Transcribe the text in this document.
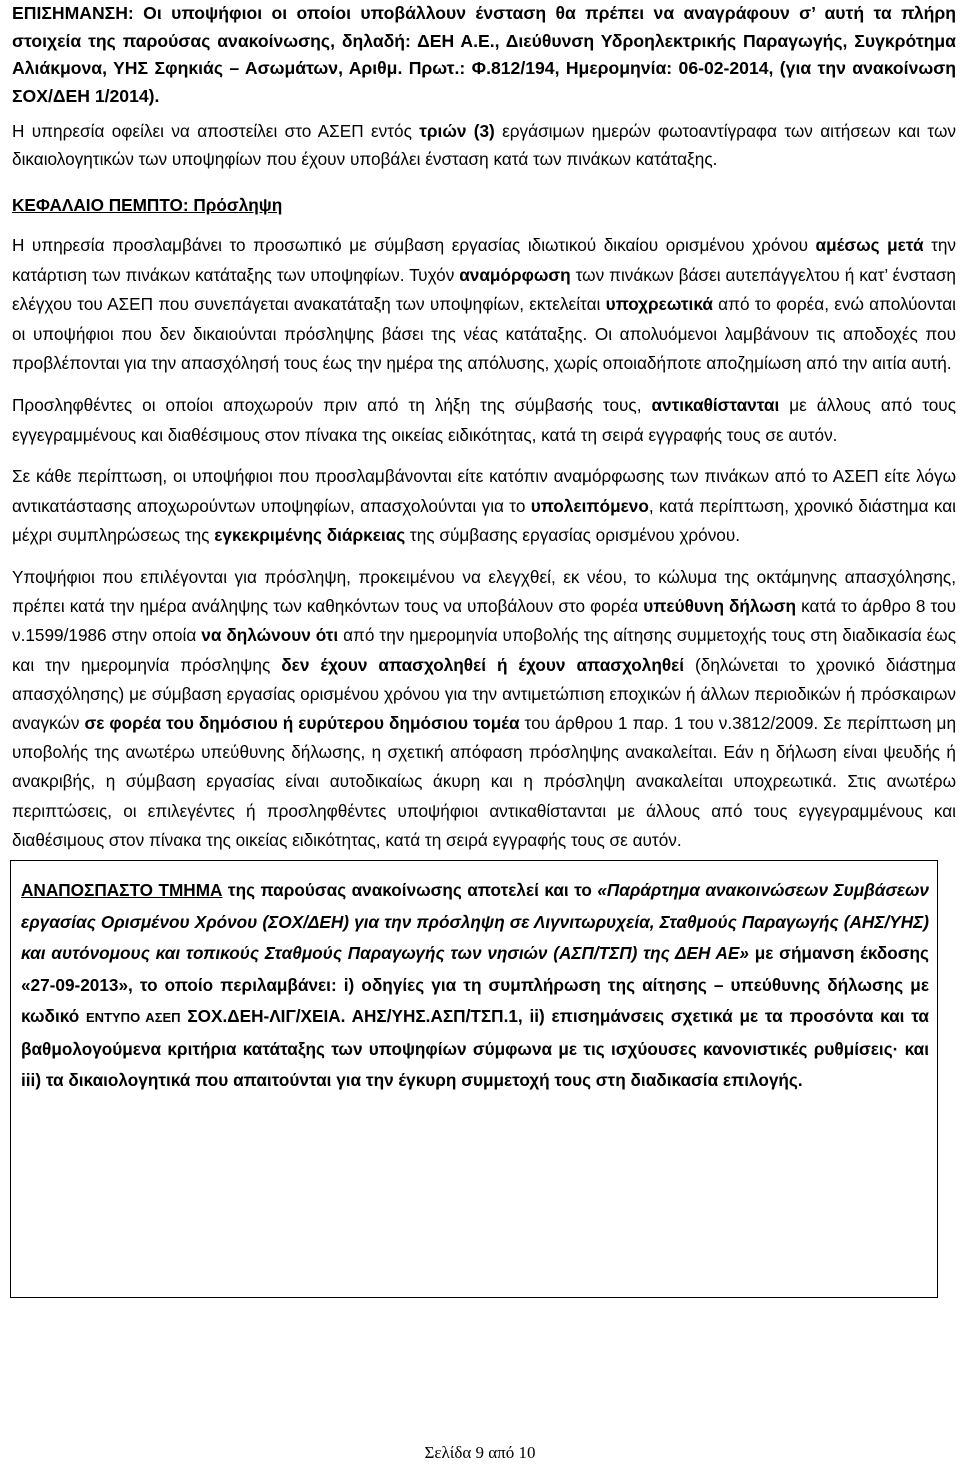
ΕΠΙΣΗΜΑΝΣΗ: Οι υποψήφιοι οι οποίοι υποβάλλουν ένσταση θα πρέπει να αναγράφουν σ’ αυτή τα πλήρη στοιχεία της παρούσας ανακοίνωσης, δηλαδή: ΔΕΗ Α.Ε., Διεύθυνση Υδροηλεκτρικής Παραγωγής, Συγκρότημα Αλιάκμονα, ΥΗΣ Σφηκιάς – Ασωμάτων, Αριθμ. Πρωτ.: Φ.812/194, Ημερομηνία: 06-02-2014, (για την ανακοίνωση ΣΟΧ/ΔΕΗ 1/2014).

Η υπηρεσία οφείλει να αποστείλει στο ΑΣΕΠ εντός τριών (3) εργάσιμων ημερών φωτοαντίγραφα των αιτήσεων και των δικαιολογητικών των υποψηφίων που έχουν υποβάλει ένσταση κατά των πινάκων κατάταξης.

ΚΕΦΑΛΑΙΟ ΠΕΜΠΤΟ: Πρόσληψη

Η υπηρεσία προσλαμβάνει το προσωπικό με σύμβαση εργασίας ιδιωτικού δικαίου ορισμένου χρόνου αμέσως μετά την κατάρτιση των πινάκων κατάταξης των υποψηφίων. Τυχόν αναμόρφωση των πινάκων βάσει αυτεπάγγελτου ή κατ’ ένσταση ελέγχου του ΑΣΕΠ που συνεπάγεται ανακατάταξη των υποψηφίων, εκτελείται υποχρεωτικά από το φορέα, ενώ απολύονται οι υποψήφιοι που δεν δικαιούνται πρόσληψης βάσει της νέας κατάταξης. Οι απολυόμενοι λαμβάνουν τις αποδοχές που προβλέπονται για την απασχόλησή τους έως την ημέρα της απόλυσης, χωρίς οποιαδήποτε αποζημίωση από την αιτία αυτή.

Προσληφθέντες οι οποίοι αποχωρούν πριν από τη λήξη της σύμβασής τους, αντικαθίστανται με άλλους από τους εγγεγραμμένους και διαθέσιμους στον πίνακα της οικείας ειδικότητας, κατά τη σειρά εγγραφής τους σε αυτόν.

Σε κάθε περίπτωση, οι υποψήφιοι που προσλαμβάνονται είτε κατόπιν αναμόρφωσης των πινάκων από το ΑΣΕΠ είτε λόγω αντικατάστασης αποχωρούντων υποψηφίων, απασχολούνται για το υπολειπόμενο, κατά περίπτωση, χρονικό διάστημα και μέχρι συμπληρώσεως της εγκεκριμένης διάρκειας της σύμβασης εργασίας ορισμένου χρόνου.

Υποψήφιοι που επιλέγονται για πρόσληψη, προκειμένου να ελεγχθεί, εκ νέου, το κώλυμα της οκτάμηνης απασχόλησης, πρέπει κατά την ημέρα ανάληψης των καθηκόντων τους να υποβάλουν στο φορέα υπεύθυνη δήλωση κατά το άρθρο 8 του ν.1599/1986 στην οποία να δηλώνουν ότι από την ημερομηνία υποβολής της αίτησης συμμετοχής τους στη διαδικασία έως και την ημερομηνία πρόσληψης δεν έχουν απασχοληθεί ή έχουν απασχοληθεί (δηλώνεται το χρονικό διάστημα απασχόλησης) με σύμβαση εργασίας ορισμένου χρόνου για την αντιμετώπιση εποχικών ή άλλων περιοδικών ή πρόσκαιρων αναγκών σε φορέα του δημόσιου ή ευρύτερου δημόσιου τομέα του άρθρου 1 παρ. 1 του ν.3812/2009. Σε περίπτωση μη υποβολής της ανωτέρω υπεύθυνης δήλωσης, η σχετική απόφαση πρόσληψης ανακαλείται. Εάν η δήλωση είναι ψευδής ή ανακριβής, η σύμβαση εργασίας είναι αυτοδικαίως άκυρη και η πρόσληψη ανακαλείται υποχρεωτικά. Στις ανωτέρω περιπτώσεις, οι επιλεγέντες ή προσληφθέντες υποψήφιοι αντικαθίστανται με άλλους από τους εγγεγραμμένους και διαθέσιμους στον πίνακα της οικείας ειδικότητας, κατά τη σειρά εγγραφής τους σε αυτόν.

ΑΝΑΠΟΣΠΑΣΤΟ ΤΜΗΜΑ της παρούσας ανακοίνωσης αποτελεί και το «Παράρτημα ανακοινώσεων Συμβάσεων εργασίας Ορισμένου Χρόνου (ΣΟΧ/ΔΕΗ) για την πρόσληψη σε Λιγνιτωρυχεία, Σταθμούς Παραγωγής (ΑΗΣ/ΥΗΣ) και αυτόνομους και τοπικούς Σταθμούς Παραγωγής των νησιών (ΑΣΠ/ΤΣΠ) της ΔΕΗ ΑΕ» με σήμανση έκδοσης «27-09-2013», το οποίο περιλαμβάνει: i) οδηγίες για τη συμπλήρωση της αίτησης – υπεύθυνης δήλωσης με κωδικό ΕΝΤΥΠΟ ΑΣΕΠ ΣΟΧ.ΔΕΗ-ΛΙΓ/ΧΕΙΑ. ΑΗΣ/ΥΗΣ.ΑΣΠ/ΤΣΠ.1, ii) επισημάνσεις σχετικά με τα προσόντα και τα βαθμολογούμενα κριτήρια κατάταξης των υποψηφίων σύμφωνα με τις ισχύουσες κανονιστικές ρυθμίσεις· και iii) τα δικαιολογητικά που απαιτούνται για την έγκυρη συμμετοχή τους στη διαδικασία επιλογής.

Σελίδα 9 από 10
